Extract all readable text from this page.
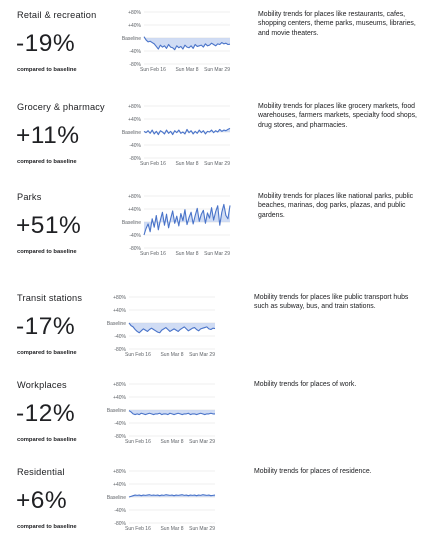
Retail & recreation
-19%
compared to baseline
Mobility trends for places like restaurants, cafes, shopping centers, theme parks, museums, libraries, and movie theaters.
+80%
+40%
Baseline
-40%
-80%
Sun Feb 16 Sun Mar 8 Sun Mar 29
Grocery & pharmacy
+11%
compared to baseline
Mobility trends for places like grocery markets, food warehouses, farmers markets, specialty food shops, drug stores, and pharmacies.
+80%
+40%
Baseline
-40%
-80%
Sun Feb 16 Sun Mar 8 Sun Mar 29
Parks
+51%
compared to baseline
Mobility trends for places like national parks, public beaches, marinas, dog parks, plazas, and public gardens.
+80%
+40%
Baseline
-40%
-80%
Sun Feb 16 Sun Mar 8 Sun Mar 29
Transit stations
-17%
compared to baseline
Mobility trends for places like public transport hubs such as subway, bus, and train stations.
+80%
+40%
Baseline
-40%
-80%
Sun Feb 16 Sun Mar 8 Sun Mar 29
Workplaces
-12%
compared to baseline
Mobility trends for places of work.
+80%
+40%
Baseline
-40%
-80%
Sun Feb 16 Sun Mar 8 Sun Mar 29
Residential
+6%
compared to baseline
Mobility trends for places of residence.
+80%
+40%
Baseline
-40%
-80%
Sun Feb 16 Sun Mar 8 Sun Mar 29
